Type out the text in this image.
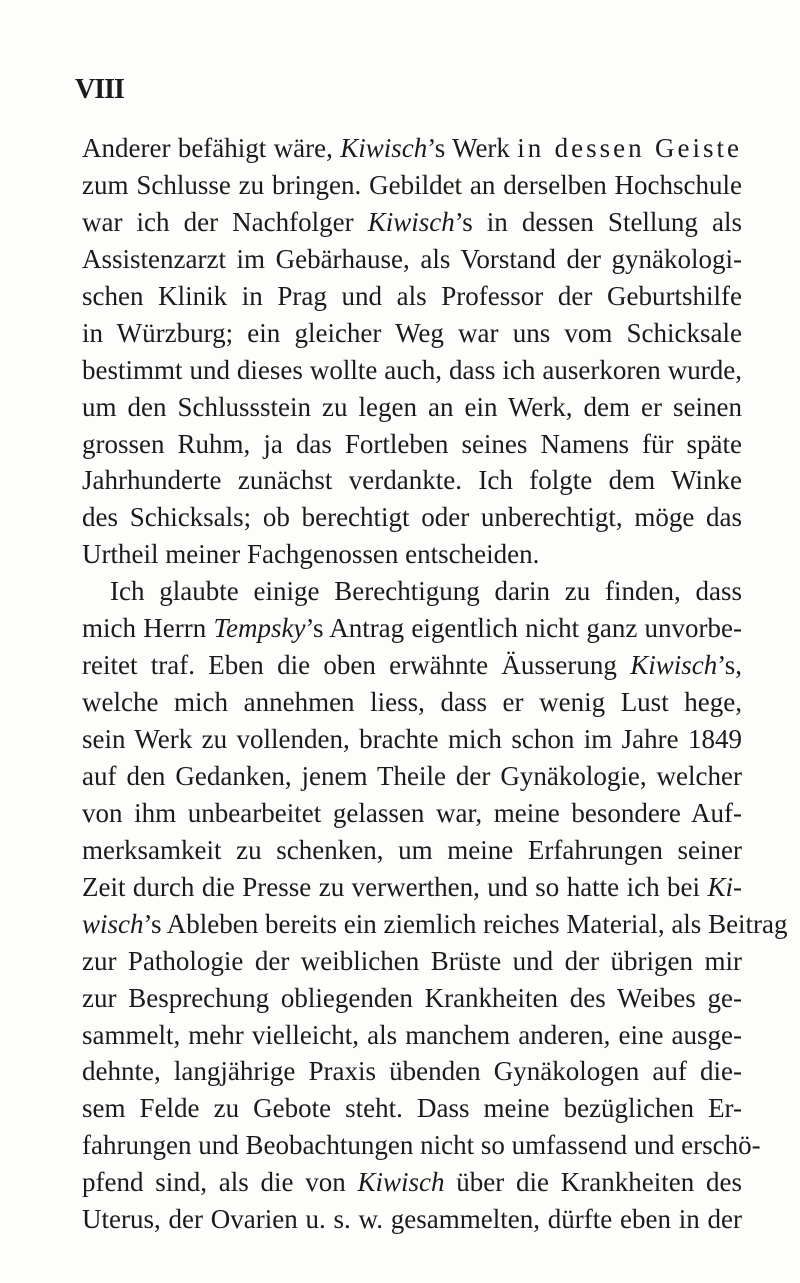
VIII
Anderer befähigt wäre, Kiwisch’s Werk in dessen Geiste
zum Schlusse zu bringen. Gebildet an derselben Hochschule
war ich der Nachfolger Kiwisch’s in dessen Stellung als
Assistenzarzt im Gebärhause, als Vorstand der gynäkologi-
schen Klinik in Prag und als Professor der Geburtshilfe
in Würzburg; ein gleicher Weg war uns vom Schicksale
bestimmt und dieses wollte auch, dass ich auserkoren wurde,
um den Schlussstein zu legen an ein Werk, dem er seinen
grossen Ruhm, ja das Fortleben seines Namens für späte
Jahrhunderte zunächst verdankte. Ich folgte dem Winke
des Schicksals; ob berechtigt oder unberechtigt, möge das
Urtheil meiner Fachgenossen entscheiden.
Ich glaubte einige Berechtigung darin zu finden, dass
mich Herrn Tempsky’s Antrag eigentlich nicht ganz unvorbe-
reitet traf. Eben die oben erwähnte Äusserung Kiwisch’s,
welche mich annehmen liess, dass er wenig Lust hege,
sein Werk zu vollenden, brachte mich schon im Jahre 1849
auf den Gedanken, jenem Theile der Gynäkologie, welcher
von ihm unbearbeitet gelassen war, meine besondere Auf-
merksamkeit zu schenken, um meine Erfahrungen seiner
Zeit durch die Presse zu verwerthen, und so hatte ich bei Ki-
wisch’s Ableben bereits ein ziemlich reiches Material, als Beitrag
zur Pathologie der weiblichen Brüste und der übrigen mir
zur Besprechung obliegenden Krankheiten des Weibes ge-
sammelt, mehr vielleicht, als manchem anderen, eine ausge-
dehnte, langjährige Praxis übenden Gynäkologen auf die-
sem Felde zu Gebote steht. Dass meine bezüglichen Er-
fahrungen und Beobachtungen nicht so umfassend und erschö-
pfend sind, als die von Kiwisch über die Krankheiten des
Uterus, der Ovarien u. s. w. gesammelten, dürfte eben in der
